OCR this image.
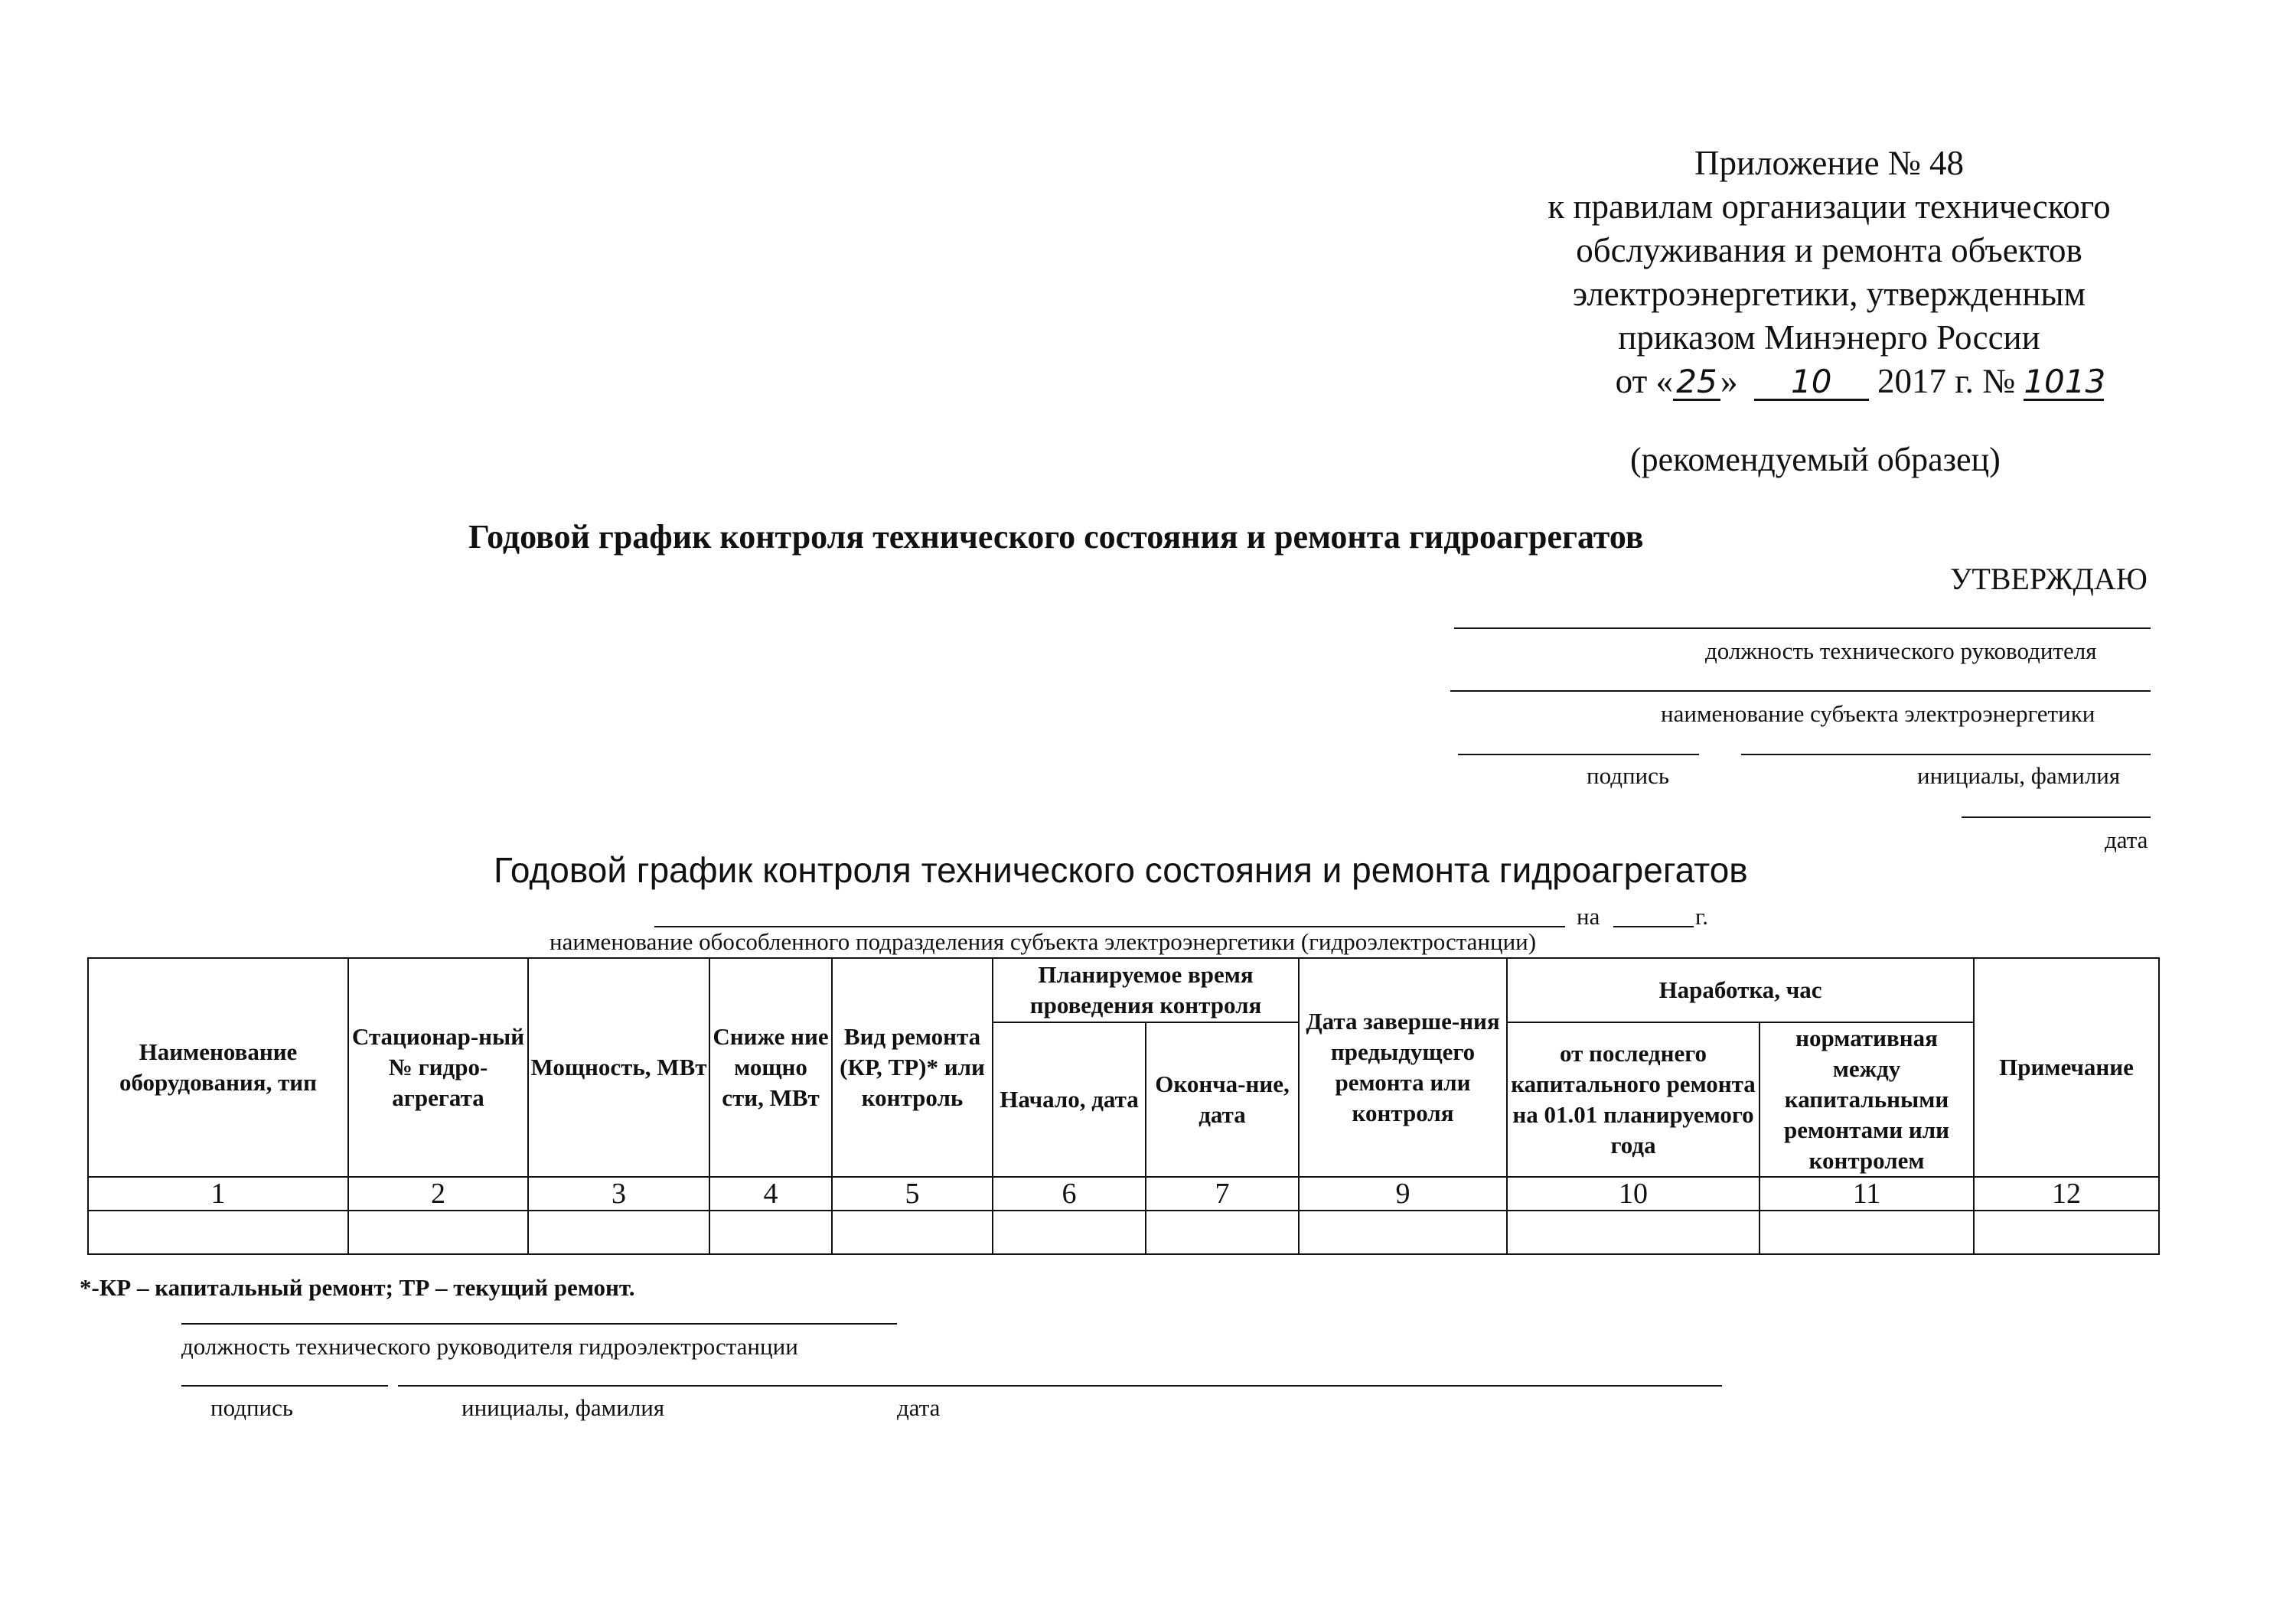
Приложение № 48
к правилам организации технического
обслуживания и ремонта объектов
электроэнергетики, утвержденным
приказом Минэнерго России
от « 25» 10 2017 г. № 1013
(рекомендуемый образец)
Годовой график контроля технического состояния и ремонта гидроагрегатов
УТВЕРЖДАЮ
должность технического руководителя
наименование субъекта электроэнергетики
подпись	инициалы, фамилия
дата
Годовой график контроля технического состояния и ремонта гидроагрегатов
на	г.
наименование обособленного подразделения субъекта электроэнергетики (гидроэлектростанции)
Наименование оборудования, тип	Стационар-ный № гидро-агрегата	Мощность, МВт	Сниже ние мощно сти, МВт	Вид ремонта (КР, ТР)* или контроль	Планируемое время проведения контроля		Дата заверше-ния предыдущего ремонта или контроля	Наработка, час		Примечание
					Начало, дата	Оконча-ние, дата		от последнего капитального ремонта на 01.01 планируемого года	нормативная между капитальными ремонтами или контролем	
1	2	3	4	5	6	7	9	10	11	12

*-КР – капитальный ремонт; ТР – текущий ремонт.
должность технического руководителя гидроэлектростанции
подпись	инициалы, фамилия	дата
